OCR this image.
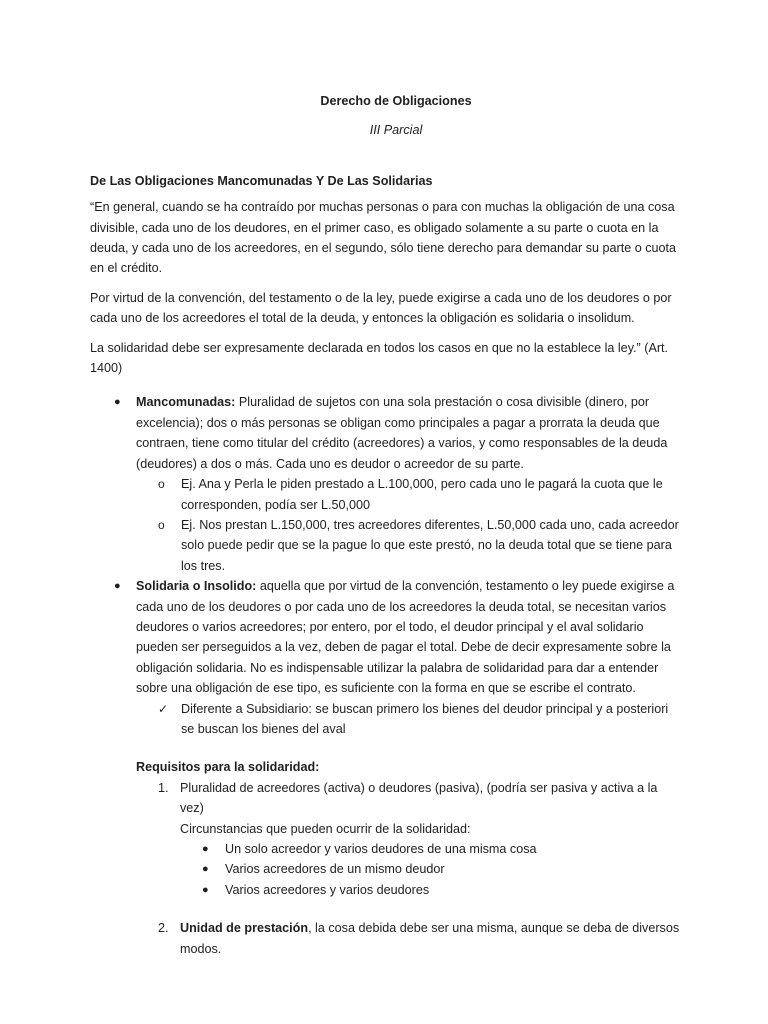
Derecho de Obligaciones

III Parcial

De Las Obligaciones Mancomunadas Y De Las Solidarias

“En general, cuando se ha contraído por muchas personas o para con muchas la obligación de una cosa divisible, cada uno de los deudores, en el primer caso, es obligado solamente a su parte o cuota en la deuda, y cada uno de los acreedores, en el segundo, sólo tiene derecho para demandar su parte o cuota en el crédito.

Por virtud de la convención, del testamento o de la ley, puede exigirse a cada uno de los deudores o por cada uno de los acreedores el total de la deuda, y entonces la obligación es solidaria o insolidum.

La solidaridad debe ser expresamente declarada en todos los casos en que no la establece la ley.” (Art. 1400)

● Mancomunadas: Pluralidad de sujetos con una sola prestación o cosa divisible (dinero, por excelencia); dos o más personas se obligan como principales a pagar a prorrata la deuda que contraen, tiene como titular del crédito (acreedores) a varios, y como responsables de la deuda (deudores) a dos o más. Cada uno es deudor o acreedor de su parte.
o Ej. Ana y Perla le piden prestado a L.100,000, pero cada uno le pagará la cuota que le corresponden, podía ser L.50,000
o Ej. Nos prestan L.150,000, tres acreedores diferentes, L.50,000 cada uno, cada acreedor solo puede pedir que se la pague lo que este prestó, no la deuda total que se tiene para los tres.
● Solidaria o Insolido: aquella que por virtud de la convención, testamento o ley puede exigirse a cada uno de los deudores o por cada uno de los acreedores la deuda total, se necesitan varios deudores o varios acreedores; por entero, por el todo, el deudor principal y el aval solidario pueden ser perseguidos a la vez, deben de pagar el total. Debe de decir expresamente sobre la obligación solidaria. No es indispensable utilizar la palabra de solidaridad para dar a entender sobre una obligación de ese tipo, es suficiente con la forma en que se escribe el contrato.
✓ Diferente a Subsidiario: se buscan primero los bienes del deudor principal y a posteriori se buscan los bienes del aval

Requisitos para la solidaridad:

1. Pluralidad de acreedores (activa) o deudores (pasiva), (podría ser pasiva y activa a la vez)
Circunstancias que pueden ocurrir de la solidaridad:
● Un solo acreedor y varios deudores de una misma cosa
● Varios acreedores de un mismo deudor
● Varios acreedores y varios deudores
2. Unidad de prestación, la cosa debida debe ser una misma, aunque se deba de diversos modos.
